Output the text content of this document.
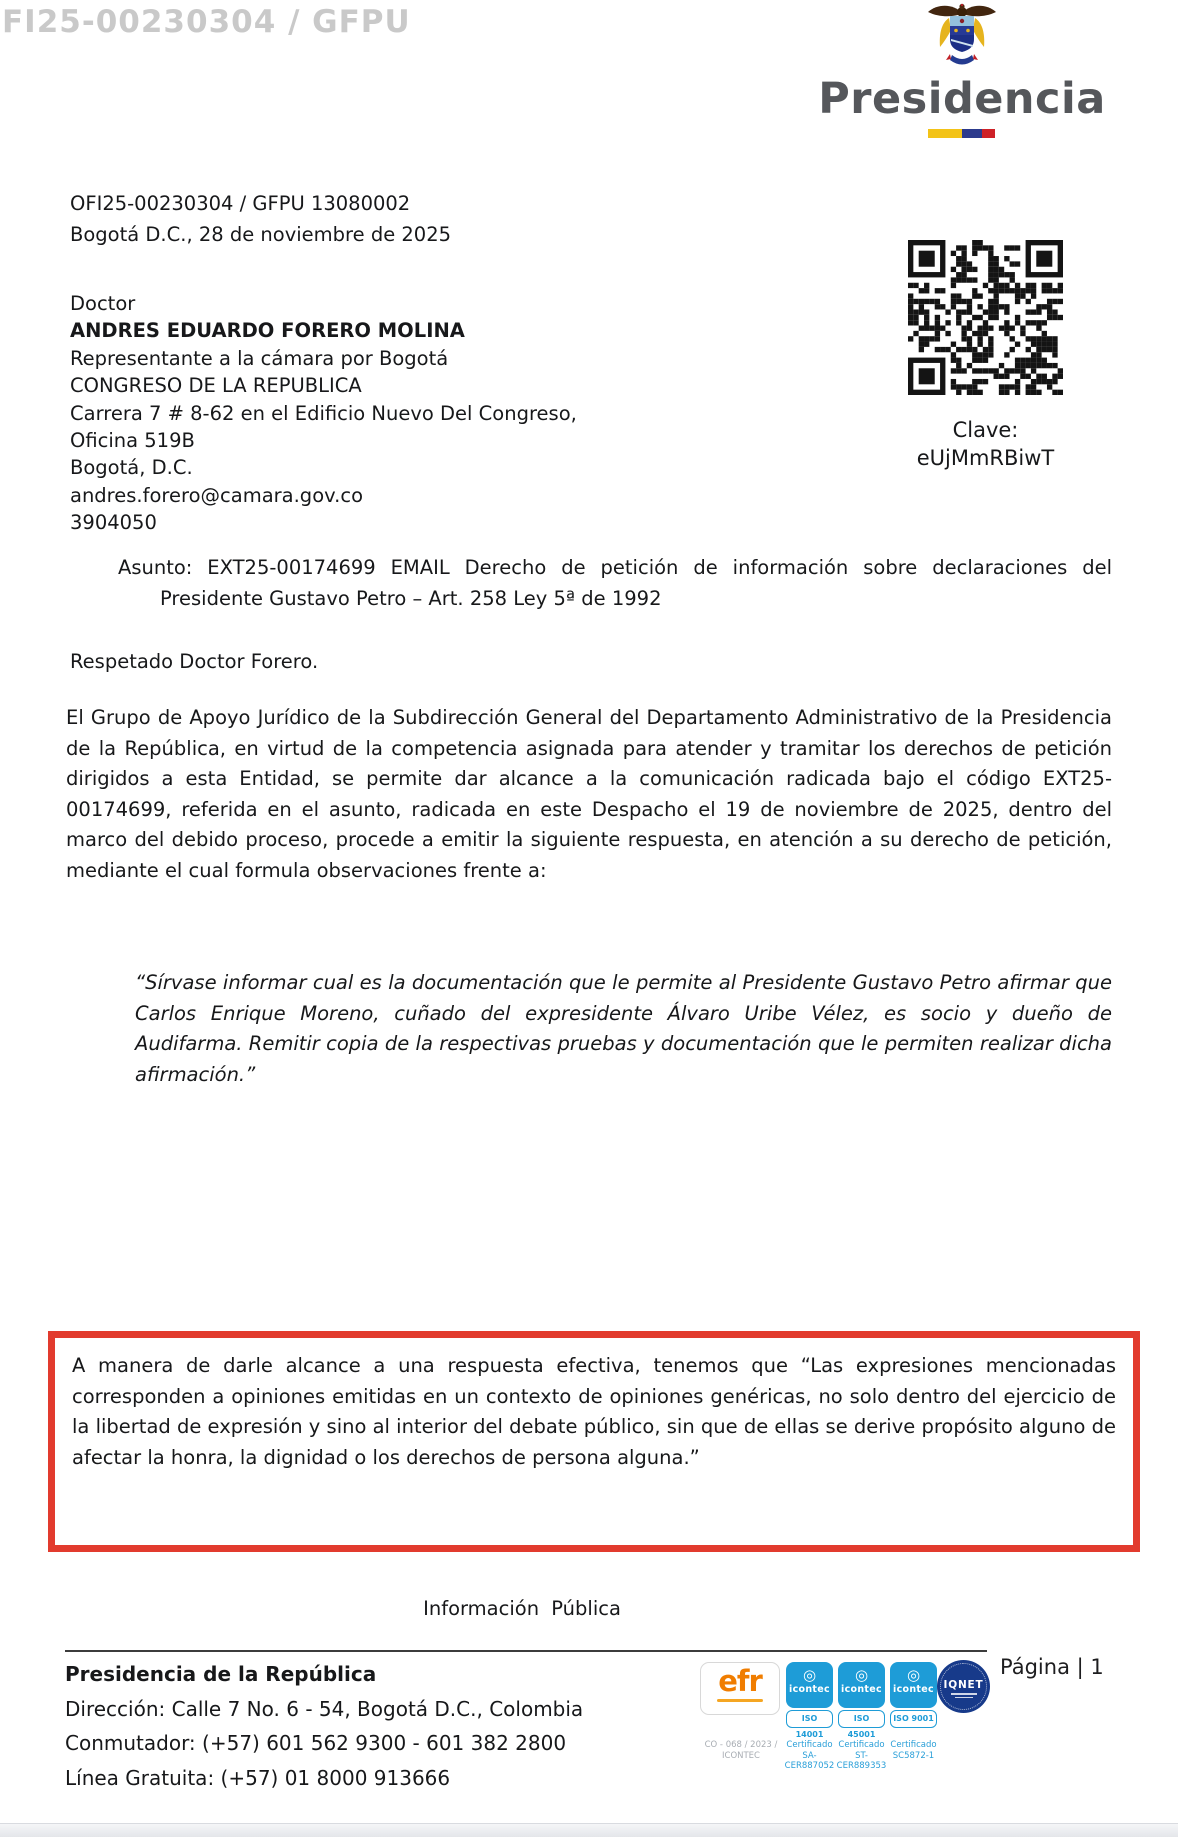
FI25-00230304 / GFPU
Presidencia
OFI25-00230304 / GFPU 13080002
Bogotá D.C., 28 de noviembre de 2025
Clave:
eUjMmRBiwT
Doctor
ANDRES EDUARDO FORERO MOLINA
Representante a la cámara por Bogotá
CONGRESO DE LA REPUBLICA
Carrera 7 # 8-62 en el Edificio Nuevo Del Congreso,
Oficina 519B
Bogotá, D.C.
andres.forero@camara.gov.co
3904050
Asunto: EXT25-00174699 EMAIL Derecho de petición de información sobre declaraciones del Presidente Gustavo Petro – Art. 258 Ley 5ª de 1992
Respetado Doctor Forero.
El Grupo de Apoyo Jurídico de la Subdirección General del Departamento Administrativo de la Presidencia de la República, en virtud de la competencia asignada para atender y tramitar los derechos de petición dirigidos a esta Entidad, se permite dar alcance a la comunicación radicada bajo el código EXT25-00174699, referida en el asunto, radicada en este Despacho el 19 de noviembre de 2025, dentro del marco del debido proceso, procede a emitir la siguiente respuesta, en atención a su derecho de petición, mediante el cual formula observaciones frente a:
“Sírvase informar cual es la documentación que le permite al Presidente Gustavo Petro afirmar que Carlos Enrique Moreno, cuñado del expresidente Álvaro Uribe Vélez, es socio y dueño de Audifarma. Remitir copia de la respectivas pruebas y documentación que le permiten realizar dicha afirmación.”
A manera de darle alcance a una respuesta efectiva, tenemos que “Las expresiones mencionadas corresponden a opiniones emitidas en un contexto de opiniones genéricas, no solo dentro del ejercicio de la libertad de expresión y sino al interior del debate público, sin que de ellas se derive propósito alguno de afectar la honra, la dignidad o los derechos de persona alguna.”
Información Pública
Presidencia de la República
Dirección: Calle 7 No. 6 - 54, Bogotá D.C., Colombia
Conmutador: (+57) 601 562 9300 - 601 382 2800
Línea Gratuita: (+57) 01 8000 913666
efr
CO - 068 / 2023 / ICONTEC
◎
icontec
ISO 14001
Certificado SA-CER887052
◎
icontec
ISO 45001
Certificado ST-CER889353
◎
icontec
ISO 9001
Certificado SC5872-1
IQNET
Página | 1
